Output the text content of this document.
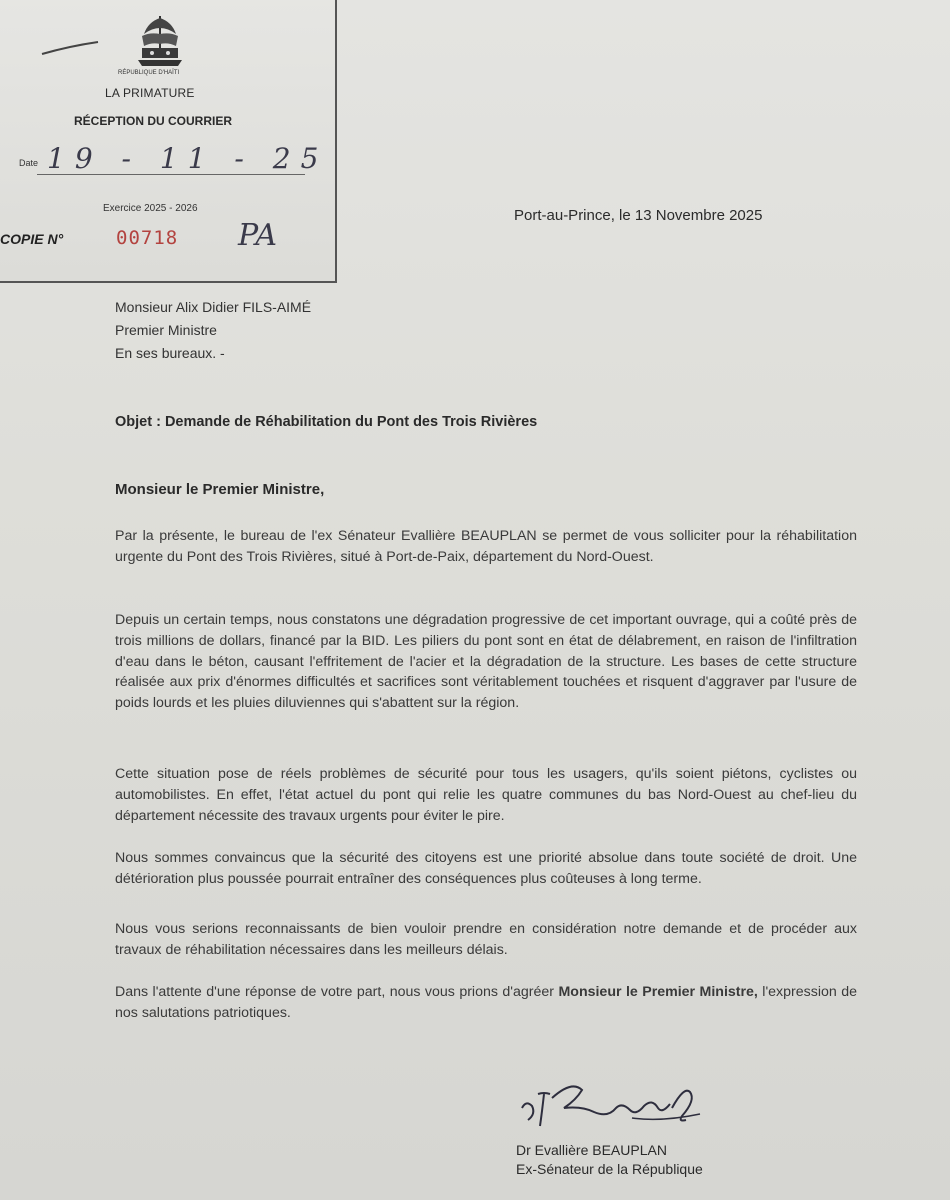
RÉPUBLIQUE D'HAÏTI
LA PRIMATURE
RÉCEPTION DU COURRIER
Date 19 - 11 - 25
Exercice 2025 - 2026
COPIE N°	00718 PA
Port-au-Prince, le 13 Novembre 2025
Monsieur Alix Didier FILS-AIMÉ
Premier Ministre
En ses bureaux. -
Objet : Demande de Réhabilitation du Pont des Trois Rivières
Monsieur le Premier Ministre,
Par la présente, le bureau de l'ex Sénateur Evallière BEAUPLAN se permet de vous solliciter pour la réhabilitation urgente du Pont des Trois Rivières, situé à Port-de-Paix, département du Nord-Ouest.
Depuis un certain temps, nous constatons une dégradation progressive de cet important ouvrage, qui a coûté près de trois millions de dollars, financé par la BID. Les piliers du pont sont en état de délabrement, en raison de l'infiltration d'eau dans le béton, causant l'effritement de l'acier et la dégradation de la structure. Les bases de cette structure réalisée aux prix d'énormes difficultés et sacrifices sont véritablement touchées et risquent d'aggraver par l'usure de poids lourds et les pluies diluviennes qui s'abattent sur la région.
Cette situation pose de réels problèmes de sécurité pour tous les usagers, qu'ils soient piétons, cyclistes ou automobilistes. En effet, l'état actuel du pont qui relie les quatre communes du bas Nord-Ouest au chef-lieu du département nécessite des travaux urgents pour éviter le pire.
Nous sommes convaincus que la sécurité des citoyens est une priorité absolue dans toute société de droit. Une détérioration plus poussée pourrait entraîner des conséquences plus coûteuses à long terme.
Nous vous serions reconnaissants de bien vouloir prendre en considération notre demande et de procéder aux travaux de réhabilitation nécessaires dans les meilleurs délais.
Dans l'attente d'une réponse de votre part, nous vous prions d'agréer Monsieur le Premier Ministre, l'expression de nos salutations patriotiques.
Dr Evallière BEAUPLAN
Ex-Sénateur de la République
